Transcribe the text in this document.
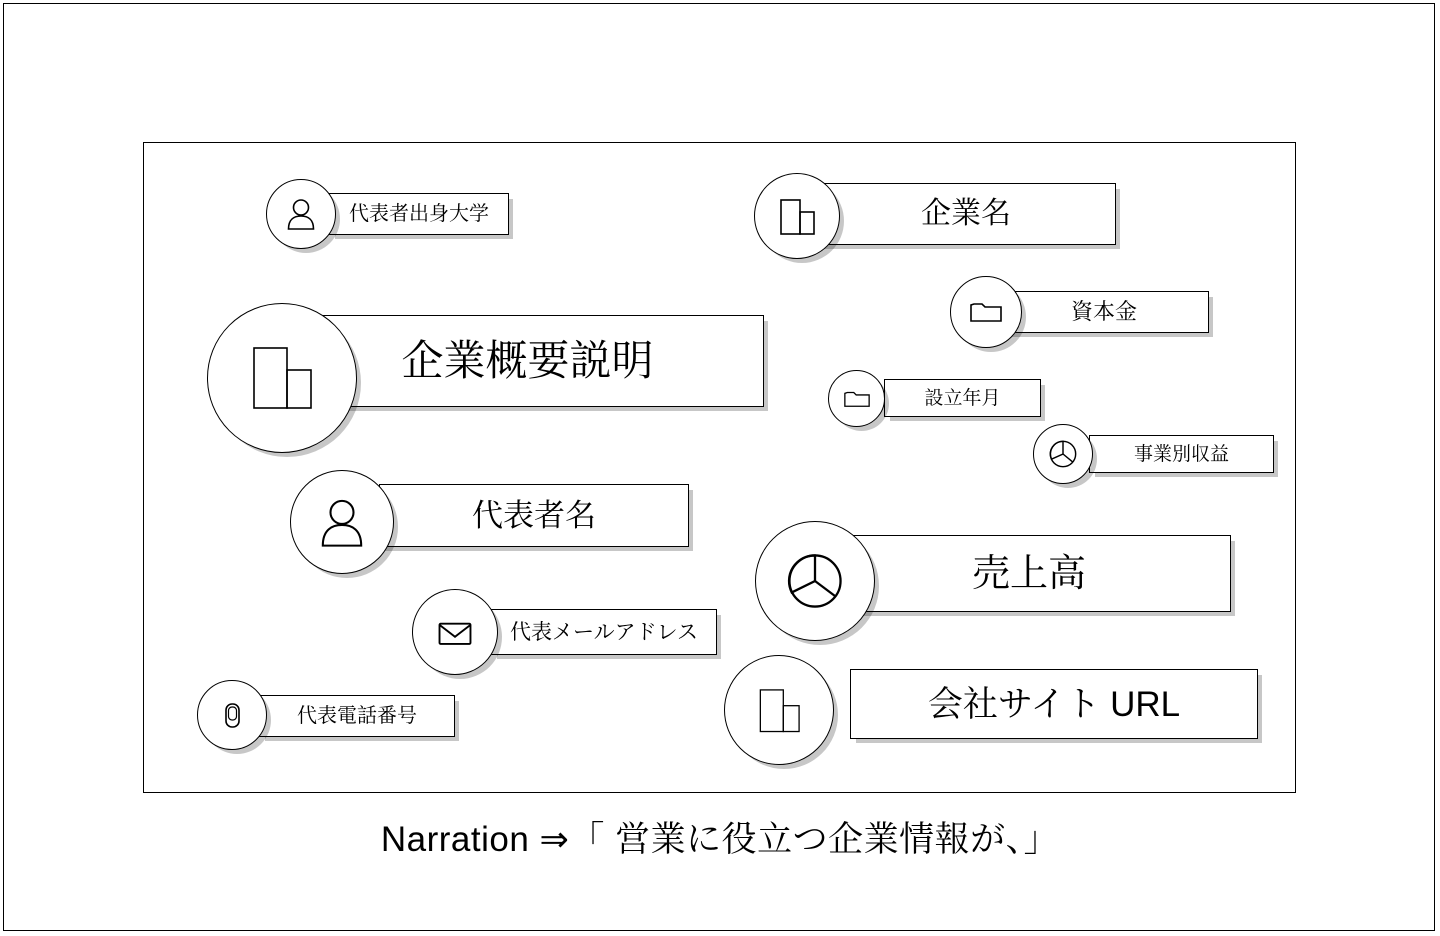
代表者出身大学	企業名
資本金
企業概要説明
設立年月
事業別収益
代表者名
売上高
代表メールアドレス
代表電話番号	会社サイト URL
Narration ⇒「 営業に役立つ企業情報が、」
